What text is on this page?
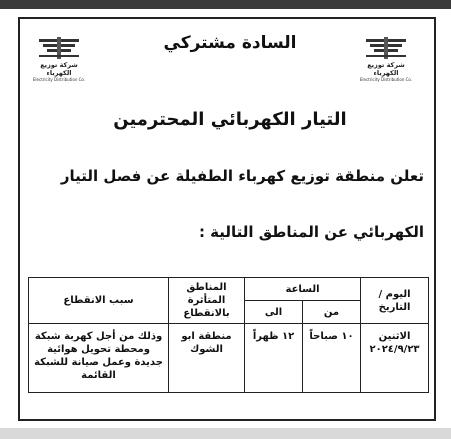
شركة توزيع الكهرباء
Electricity Distribution Co.
شركة توزيع الكهرباء
Electricity Distribution Co.
السادة مشتركي
التيار الكهربائي المحترمين
تعلن منطقة توزيع كهرباء الطفيلة عن فصل التيار
الكهربائي عن المناطق التالية :
اليوم / التاريخ	الساعة		المناطق المتأثرة بالانقطاع	سبب الانقطاع
	من	الى		
الاثنين ٢٠٢٤/٩/٢٣	١٠ صباحاً	١٢ ظهراً	منطقة ابو الشوك	وذلك من أجل كهربة شبكة ومحطة تحويل هوائية جديدة وعمل صيانة للشبكة القائمة
